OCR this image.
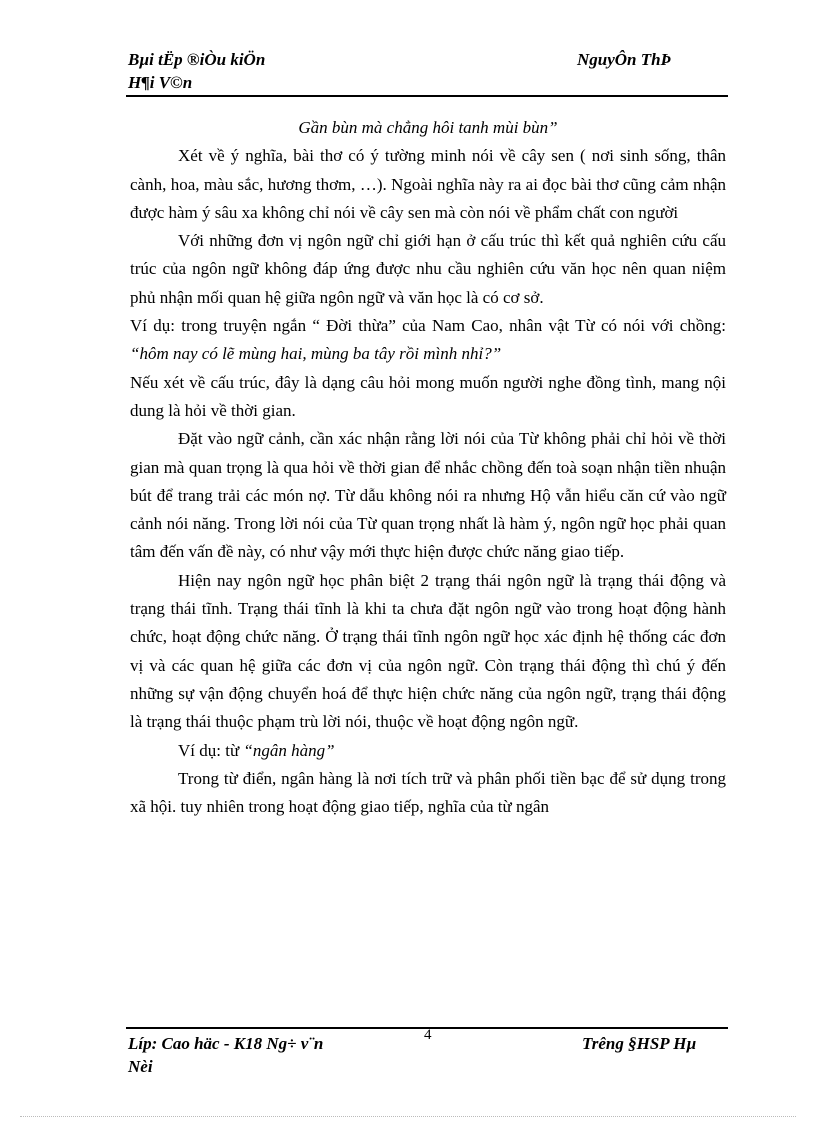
Bµi tËp ®iÒu kiÖn
H¶i V©n
NguyÔn ThÞ

Gần bùn mà chẳng hôi tanh mùi bùn”

Xét về ý nghĩa, bài thơ có ý tường minh nói về cây sen ( nơi sinh sống, thân cành, hoa, màu sắc, hương thơm, …). Ngoài nghĩa này ra ai đọc bài thơ cũng cảm nhận được hàm ý sâu xa không chỉ nói về cây sen mà còn nói về phẩm chất con người

Với những đơn vị ngôn ngữ chỉ giới hạn ở cấu trúc thì kết quả nghiên cứu cấu trúc của ngôn ngữ không đáp ứng được nhu cầu nghiên cứu văn học nên quan niệm phủ nhận mối quan hệ giữa ngôn ngữ và văn học là có cơ sở.

Ví dụ: trong truyện ngắn “ Đời thừa” của Nam Cao, nhân vật Từ có nói với chồng: “hôm nay có lẽ mùng hai, mùng ba tây rồi mình nhỉ?”

Nếu xét về cấu trúc, đây là dạng câu hỏi mong muốn người nghe đồng tình, mang nội dung là hỏi về thời gian.

Đặt vào ngữ cảnh, cần xác nhận rằng lời nói của Từ không phải chỉ hỏi về thời gian mà quan trọng là qua hỏi về thời gian để nhắc chồng đến toà soạn nhận tiền nhuận bút để trang trải các món nợ. Từ dẫu không nói ra nhưng Hộ vẫn hiểu căn cứ vào ngữ cảnh nói năng. Trong lời nói của Từ quan trọng nhất là hàm ý, ngôn ngữ học phải quan tâm đến vấn đề này, có như vậy mới thực hiện được chức năng giao tiếp.

Hiện nay ngôn ngữ học phân biệt 2 trạng thái ngôn ngữ là trạng thái động và trạng thái tĩnh. Trạng thái tĩnh là khi ta chưa đặt ngôn ngữ vào trong hoạt động hành chức, hoạt động chức năng. Ở trạng thái tĩnh ngôn ngữ học xác định hệ thống các đơn vị và các quan hệ giữa các đơn vị của ngôn ngữ. Còn trạng thái động thì chú ý đến những sự vận động chuyển hoá để thực hiện chức năng của ngôn ngữ, trạng thái động là trạng thái thuộc phạm trù lời nói, thuộc về hoạt động ngôn ngữ.

Ví dụ: từ “ngân hàng”

Trong từ điển, ngân hàng là nơi tích trữ và phân phối tiền bạc để sử dụng trong xã hội. tuy nhiên trong hoạt động giao tiếp, nghĩa của từ ngân

Líp: Cao häc - K18 Ng÷ v¨n
Nèi
4	Trêng §HSP Hµ
